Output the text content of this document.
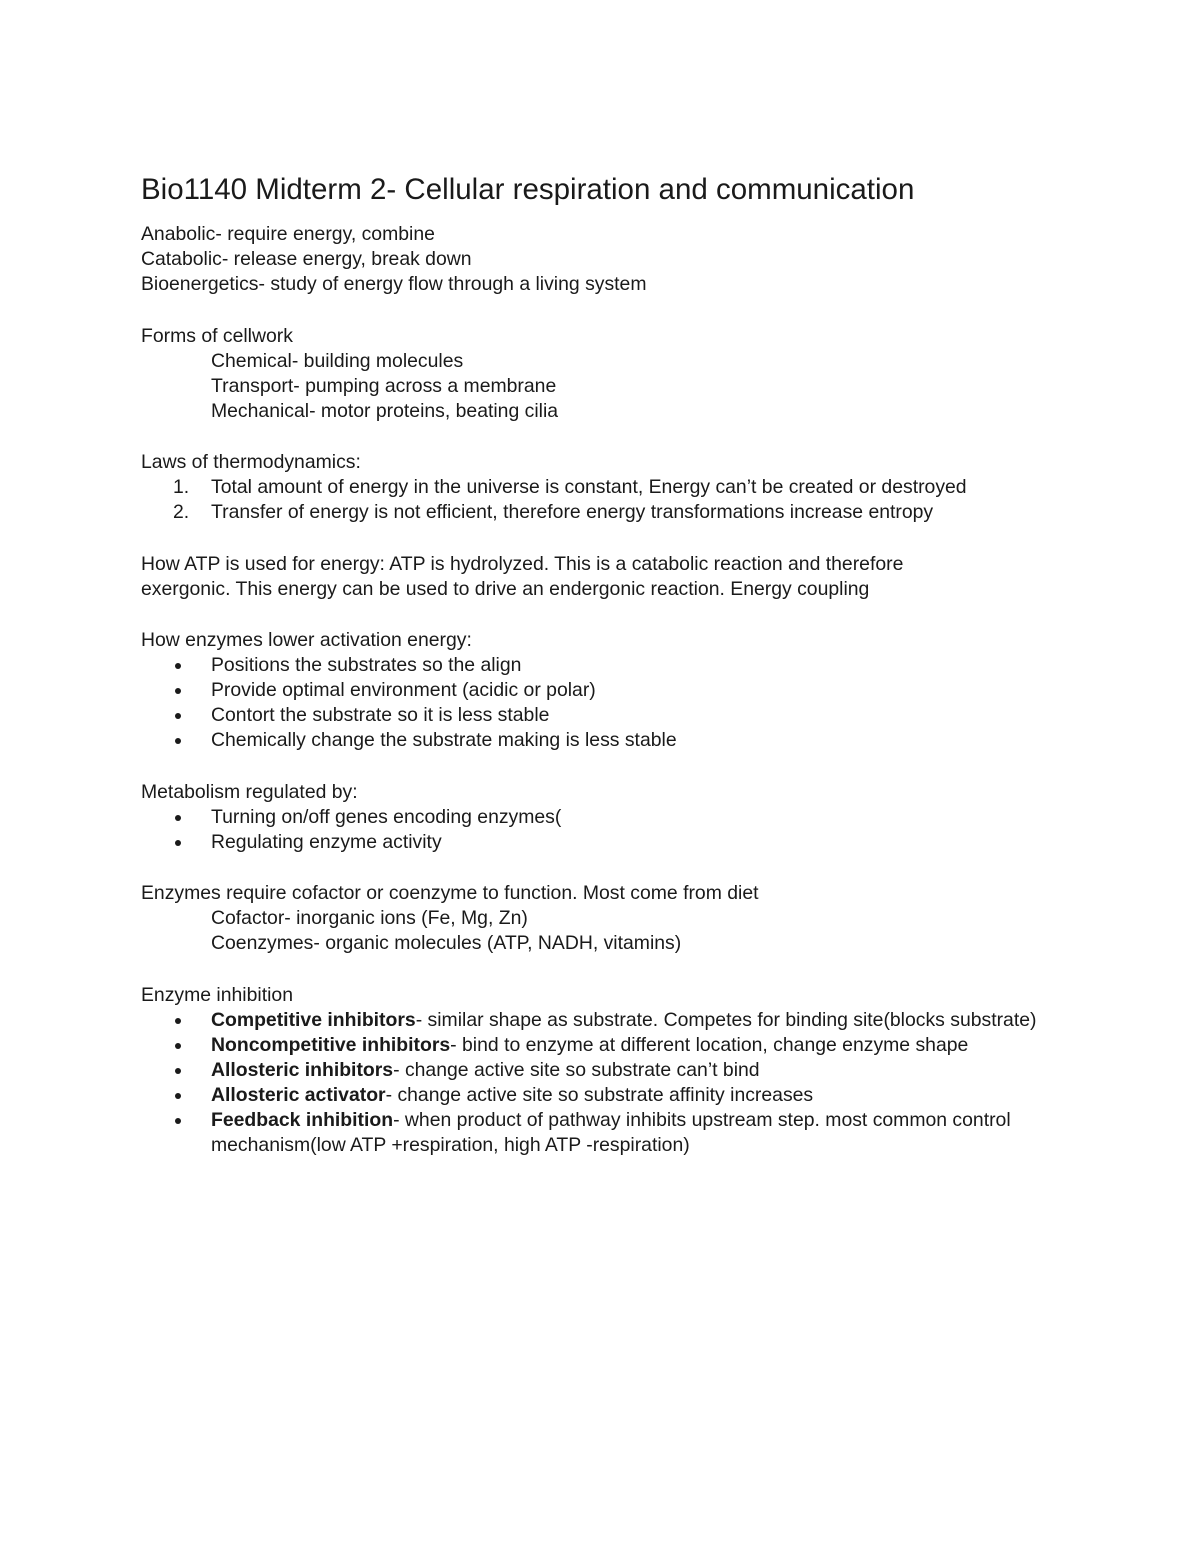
Bio1140 Midterm 2- Cellular respiration and communication
Anabolic- require energy, combine
Catabolic- release energy, break down
Bioenergetics- study of energy flow through a living system
Forms of cellwork
Chemical- building molecules
Transport- pumping across a membrane
Mechanical- motor proteins, beating cilia
Laws of thermodynamics:
1.	Total amount of energy in the universe is constant, Energy can’t be created or destroyed
2.	Transfer of energy is not efficient, therefore energy transformations increase entropy
How ATP is used for energy: ATP is hydrolyzed. This is a catabolic reaction and therefore
exergonic. This energy can be used to drive an endergonic reaction. Energy coupling
How enzymes lower activation energy:
Positions the substrates so the align
Provide optimal environment (acidic or polar)
Contort the substrate so it is less stable
Chemically change the substrate making is less stable
Metabolism regulated by:
Turning on/off genes encoding enzymes(
Regulating enzyme activity
Enzymes require cofactor or coenzyme to function. Most come from diet
Cofactor- inorganic ions (Fe, Mg, Zn)
Coenzymes- organic molecules (ATP, NADH, vitamins)
Enzyme inhibition
Competitive inhibitors- similar shape as substrate. Competes for binding site(blocks substrate)
Noncompetitive inhibitors- bind to enzyme at different location, change enzyme shape
Allosteric inhibitors- change active site so substrate can’t bind
Allosteric activator- change active site so substrate affinity increases
Feedback inhibition- when product of pathway inhibits upstream step. most common control mechanism(low ATP +respiration, high ATP -respiration)
